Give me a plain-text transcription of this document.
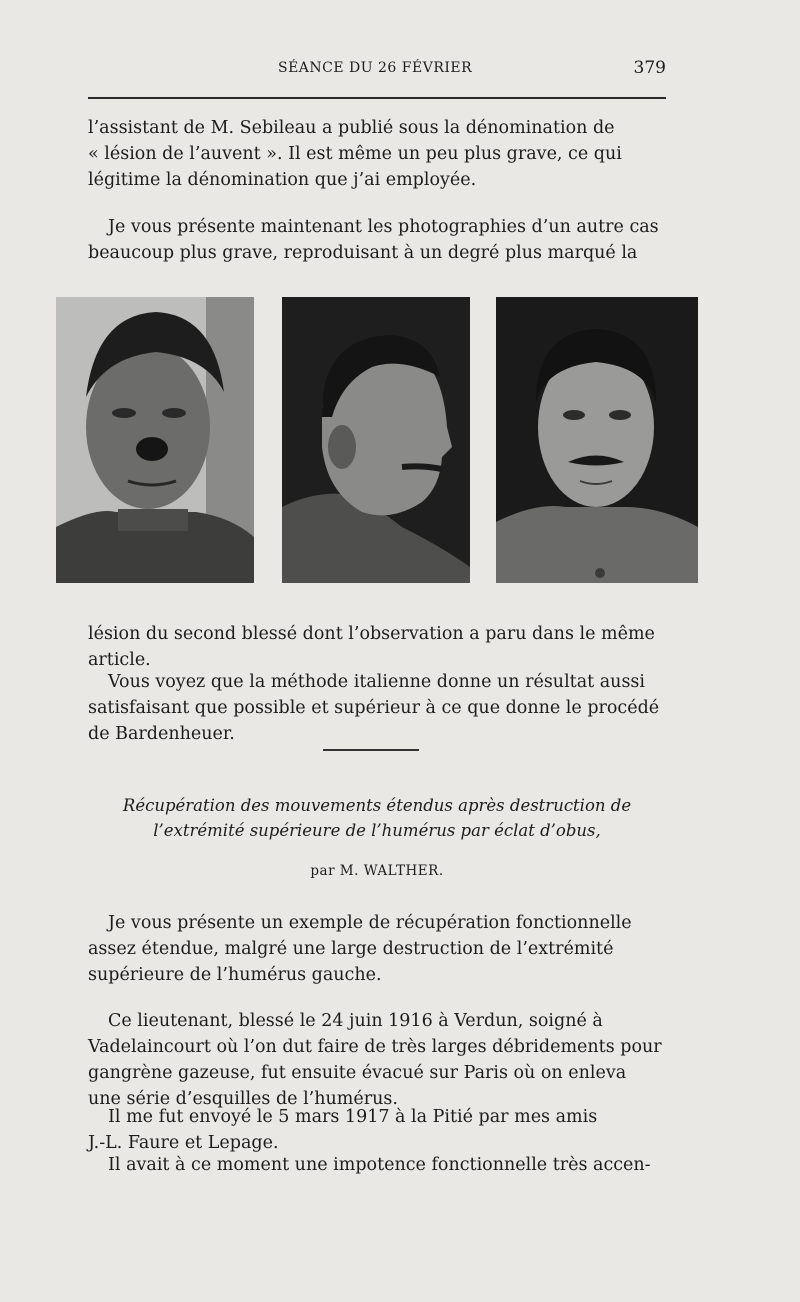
SÉANCE DU 26 FÉVRIER	379

l’assistant de M. Sebileau a publié sous la dénomination de

« lésion de l’auvent ». Il est même un peu plus grave, ce qui

légitime la dénomination que j’ai employée.

Je vous présente maintenant les photographies d’un autre cas

beaucoup plus grave, reproduisant à un degré plus marqué la

lésion du second blessé dont l’observation a paru dans le même

article.

Vous voyez que la méthode italienne donne un résultat aussi

satisfaisant que possible et supérieur à ce que donne le procédé

de Bardenheuer.

Récupération des mouvements étendus après destruction de
l’extrémité supérieure de l’humérus par éclat d’obus,
par M. WALTHER.

Je vous présente un exemple de récupération fonctionnelle

assez étendue, malgré une large destruction de l’extrémité

supérieure de l’humérus gauche.

Ce lieutenant, blessé le 24 juin 1916 à Verdun, soigné à

Vadelaincourt où l’on dut faire de très larges débridements pour

gangrène gazeuse, fut ensuite évacué sur Paris où on enleva

une série d’esquilles de l’humérus.

Il me fut envoyé le 5 mars 1917 à la Pitié par mes amis

J.-L. Faure et Lepage.

Il avait à ce moment une impotence fonctionnelle très accen-
